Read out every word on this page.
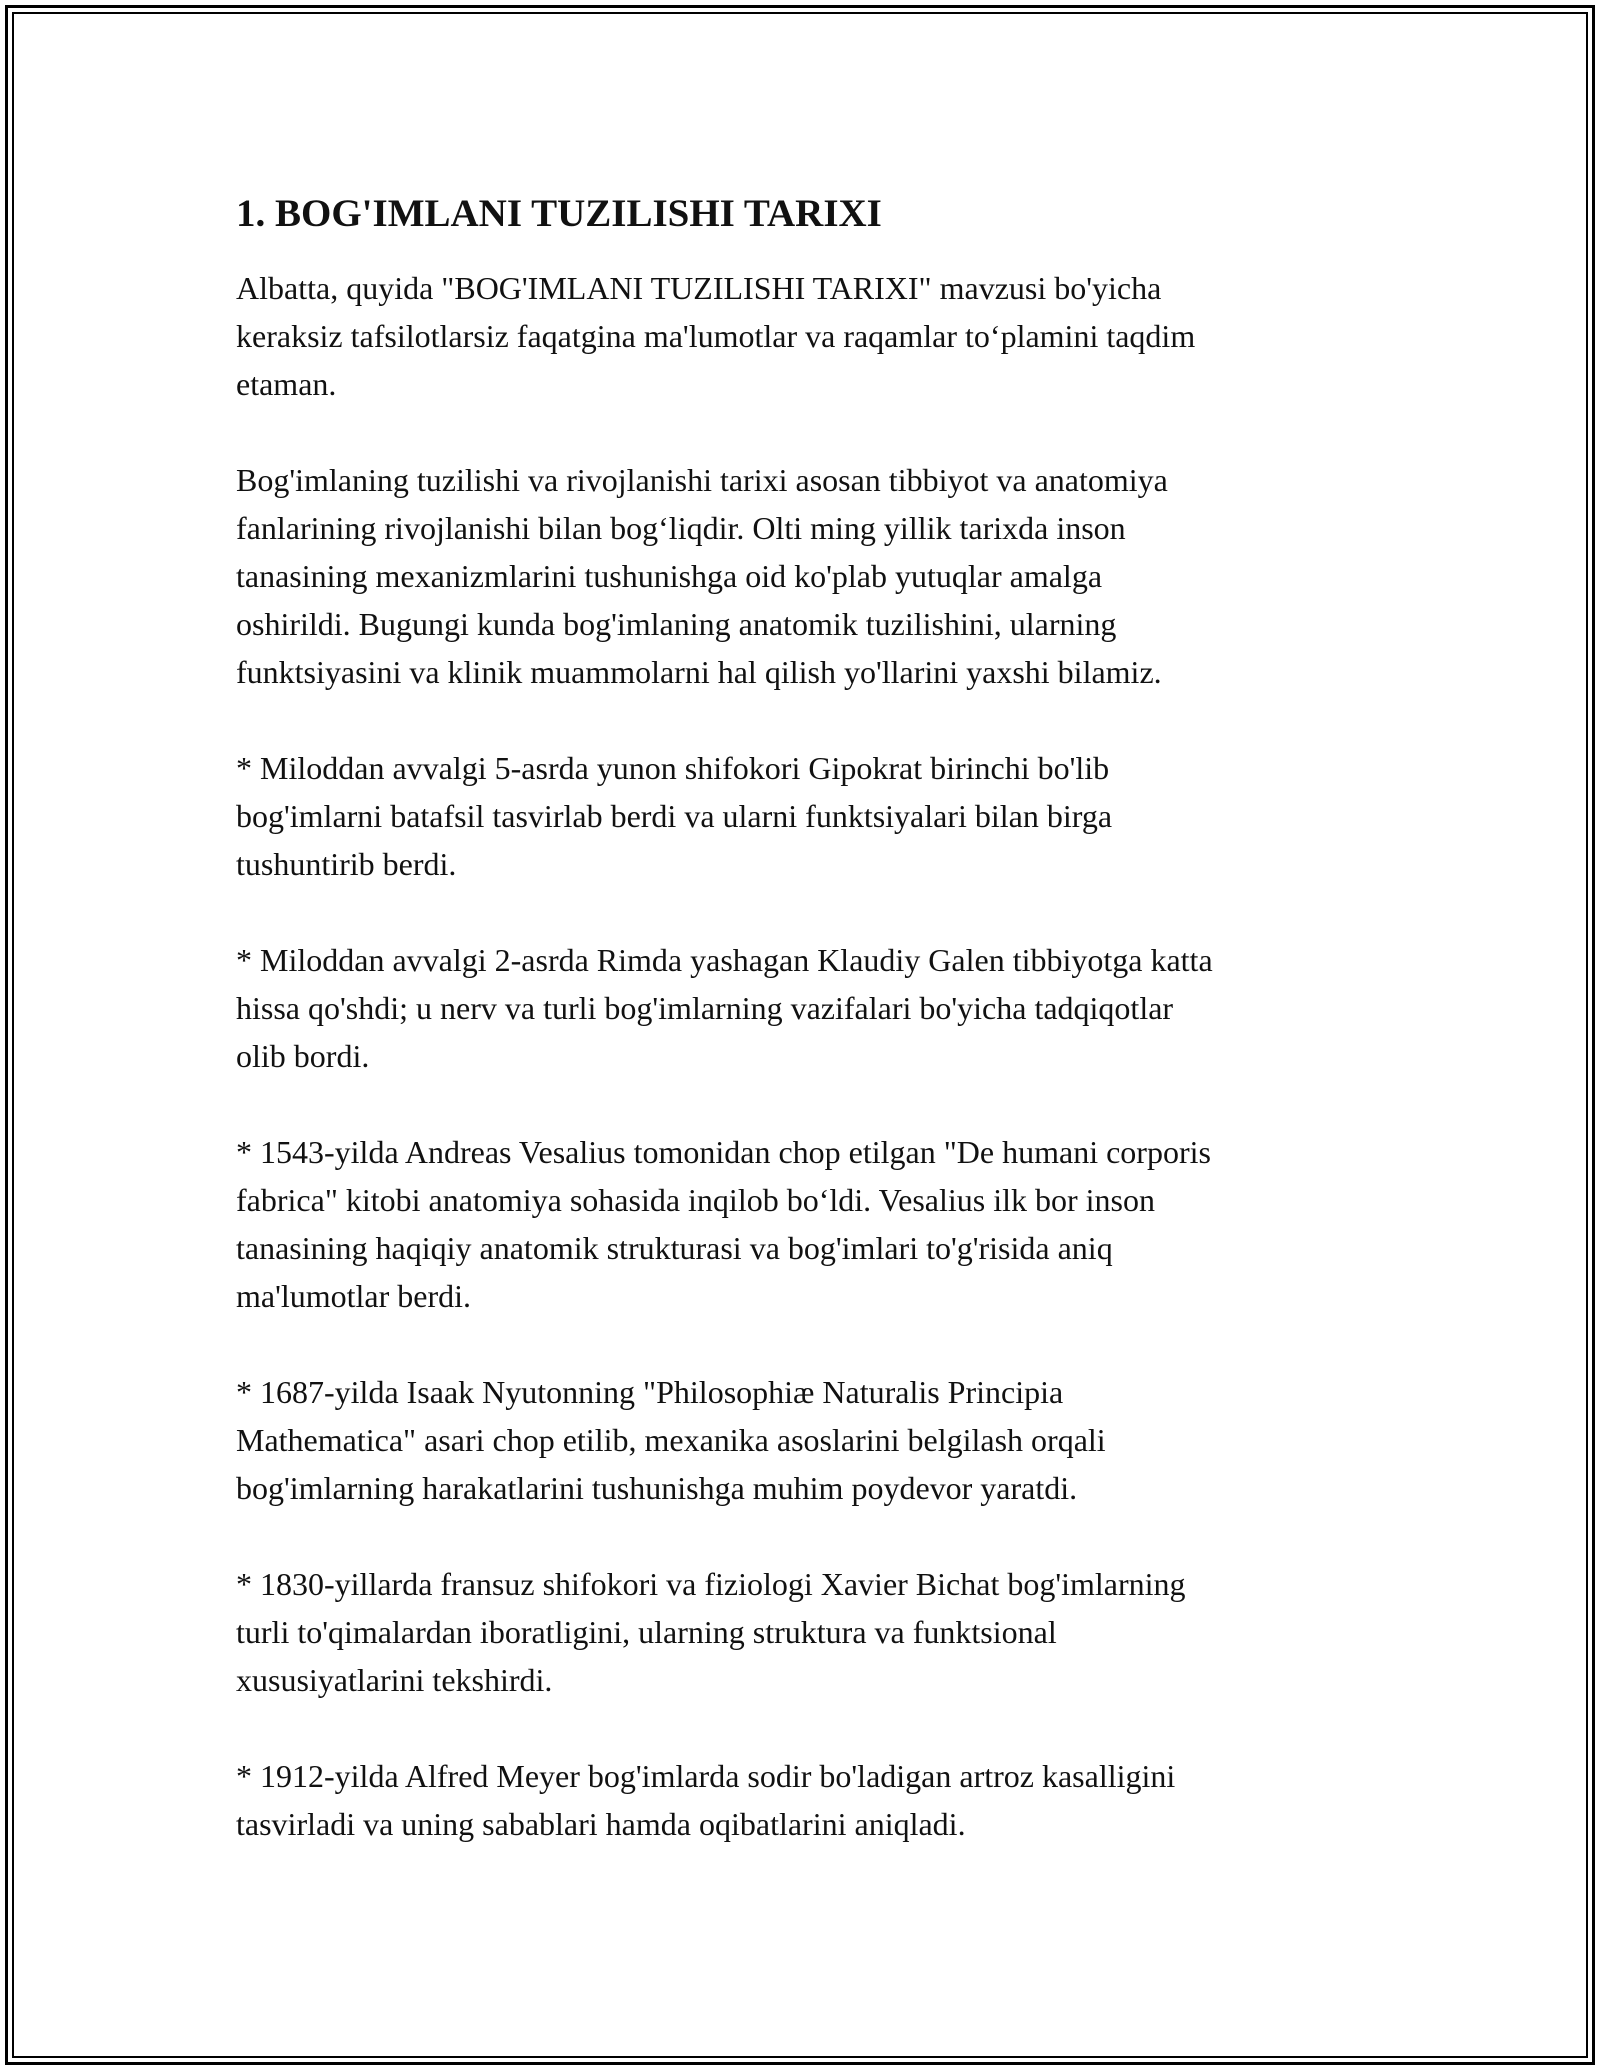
1. BOG'IMLANI TUZILISHI TARIXI

Albatta, quyida "BOG'IMLANI TUZILISHI TARIXI" mavzusi bo'yicha
keraksiz tafsilotlarsiz faqatgina ma'lumotlar va raqamlar to‘plamini taqdim
etaman.

Bog'imlaning tuzilishi va rivojlanishi tarixi asosan tibbiyot va anatomiya
fanlarining rivojlanishi bilan bog‘liqdir. Olti ming yillik tarixda inson
tanasining mexanizmlarini tushunishga oid ko'plab yutuqlar amalga
oshirildi. Bugungi kunda bog'imlaning anatomik tuzilishini, ularning
funktsiyasini va klinik muammolarni hal qilish yo'llarini yaxshi bilamiz.

* Miloddan avvalgi 5-asrda yunon shifokori Gipokrat birinchi bo'lib
bog'imlarni batafsil tasvirlab berdi va ularni funktsiyalari bilan birga
tushuntirib berdi.

* Miloddan avvalgi 2-asrda Rimda yashagan Klaudiy Galen tibbiyotga katta
hissa qo'shdi; u nerv va turli bog'imlarning vazifalari bo'yicha tadqiqotlar
olib bordi.

* 1543-yilda Andreas Vesalius tomonidan chop etilgan "De humani corporis
fabrica" kitobi anatomiya sohasida inqilob bo‘ldi. Vesalius ilk bor inson
tanasining haqiqiy anatomik strukturasi va bog'imlari to'g'risida aniq
ma'lumotlar berdi.

* 1687-yilda Isaak Nyutonning "Philosophiæ Naturalis Principia
Mathematica" asari chop etilib, mexanika asoslarini belgilash orqali
bog'imlarning harakatlarini tushunishga muhim poydevor yaratdi.

* 1830-yillarda fransuz shifokori va fiziologi Xavier Bichat bog'imlarning
turli to'qimalardan iboratligini, ularning struktura va funktsional
xususiyatlarini tekshirdi.

* 1912-yilda Alfred Meyer bog'imlarda sodir bo'ladigan artroz kasalligini
tasvirladi va uning sabablari hamda oqibatlarini aniqladi.
